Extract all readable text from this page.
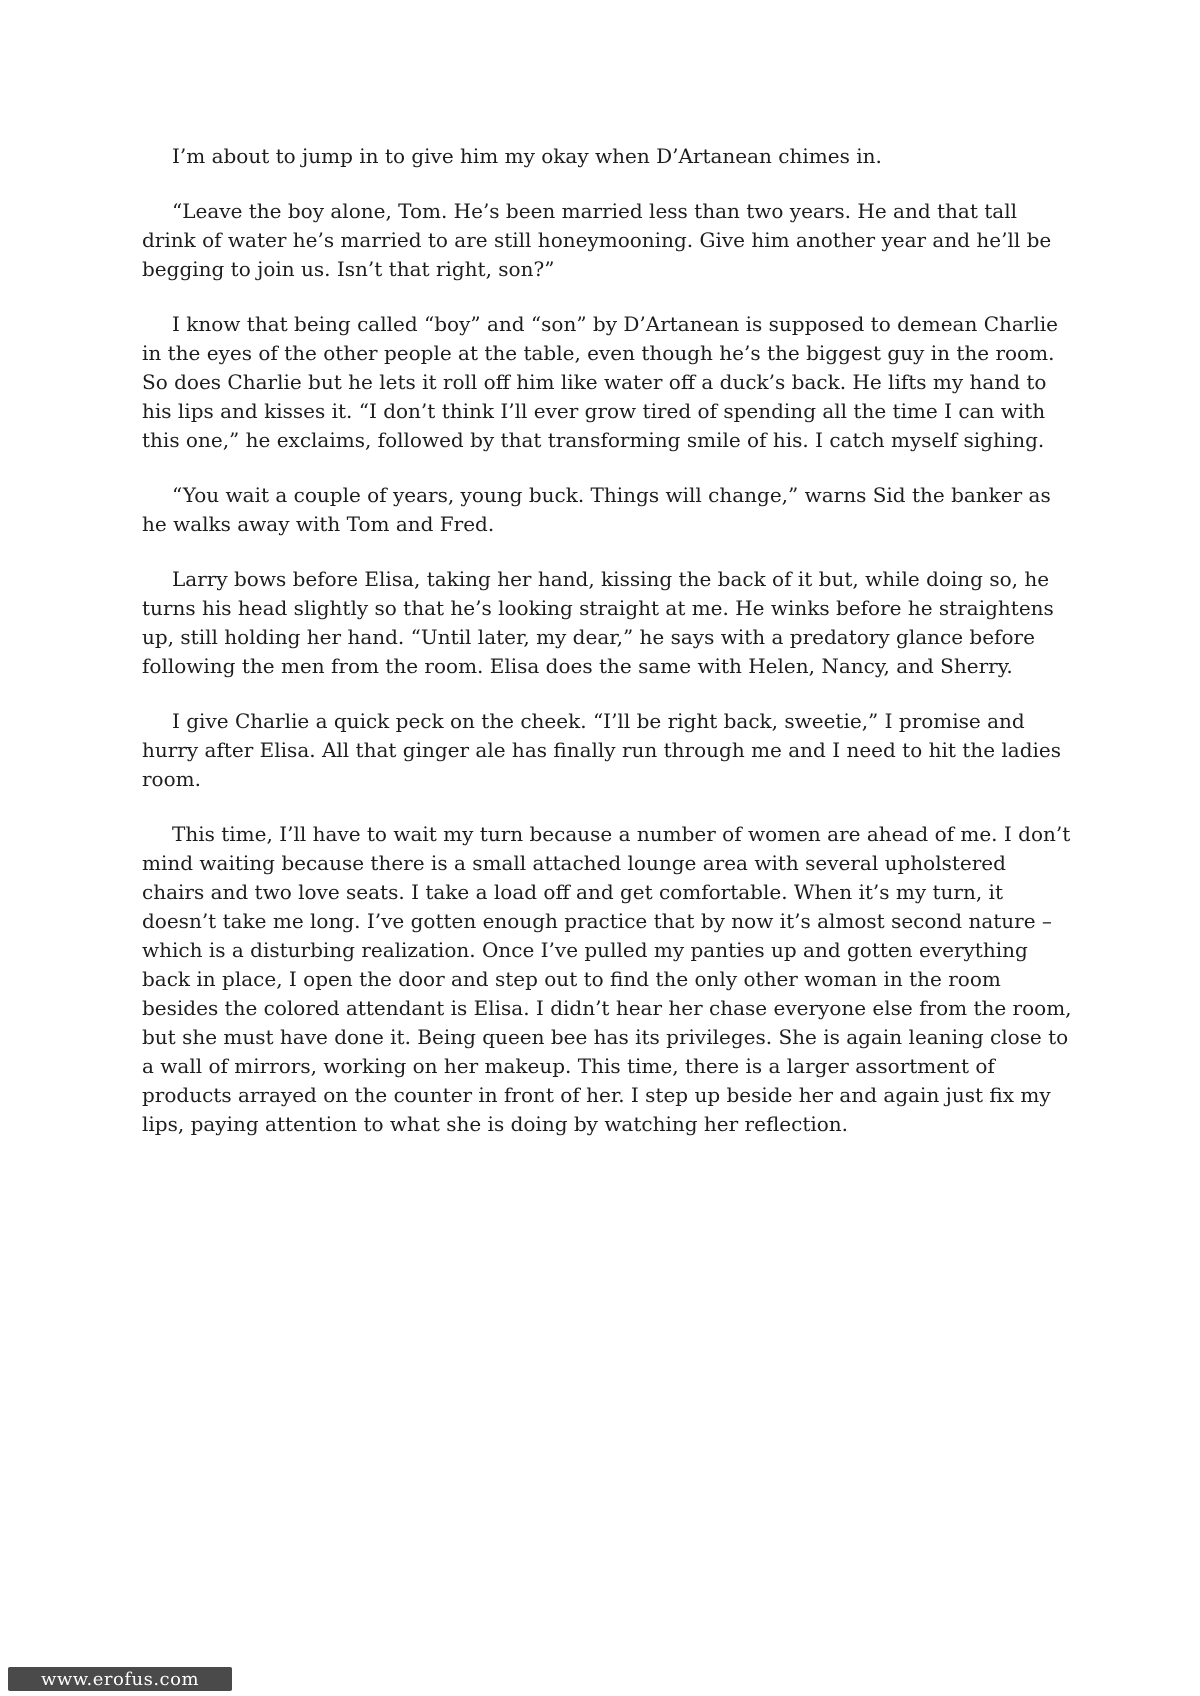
I’m about to jump in to give him my okay when D’Artanean chimes in.

“Leave the boy alone, Tom. He’s been married less than two years. He and that tall drink of water he’s married to are still honeymooning. Give him another year and he’ll be begging to join us. Isn’t that right, son?”

I know that being called “boy” and “son” by D’Artanean is supposed to demean Charlie in the eyes of the other people at the table, even though he’s the biggest guy in the room. So does Charlie but he lets it roll off him like water off a duck’s back. He lifts my hand to his lips and kisses it. “I don’t think I’ll ever grow tired of spending all the time I can with this one,” he exclaims, followed by that transforming smile of his. I catch myself sighing.

“You wait a couple of years, young buck. Things will change,” warns Sid the banker as he walks away with Tom and Fred.

Larry bows before Elisa, taking her hand, kissing the back of it but, while doing so, he turns his head slightly so that he’s looking straight at me. He winks before he straightens up, still holding her hand. “Until later, my dear,” he says with a predatory glance before following the men from the room. Elisa does the same with Helen, Nancy, and Sherry.

I give Charlie a quick peck on the cheek. “I’ll be right back, sweetie,” I promise and hurry after Elisa. All that ginger ale has finally run through me and I need to hit the ladies room.

This time, I’ll have to wait my turn because a number of women are ahead of me. I don’t mind waiting because there is a small attached lounge area with several upholstered chairs and two love seats. I take a load off and get comfortable. When it’s my turn, it doesn’t take me long. I’ve gotten enough practice that by now it’s almost second nature – which is a disturbing realization. Once I’ve pulled my panties up and gotten everything back in place, I open the door and step out to find the only other woman in the room besides the colored attendant is Elisa. I didn’t hear her chase everyone else from the room, but she must have done it. Being queen bee has its privileges. She is again leaning close to a wall of mirrors, working on her makeup. This time, there is a larger assortment of products arrayed on the counter in front of her. I step up beside her and again just fix my lips, paying attention to what she is doing by watching her reflection.

www.erofus.com
